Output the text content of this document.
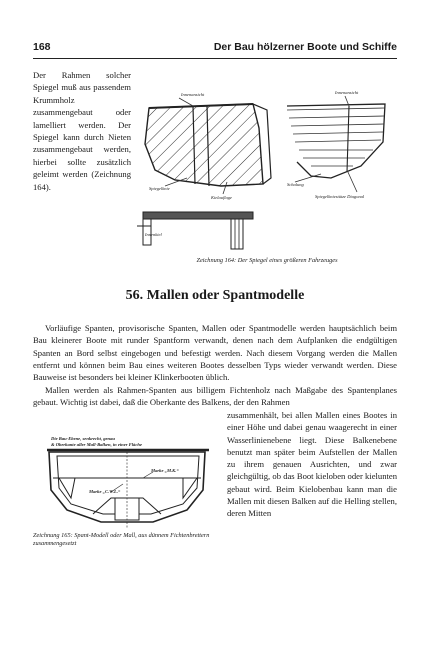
168	Der Bau hölzerner Boote und Schiffe

Der Rahmen solcher Spiegel muß aus passendem Krummholz zusammengebaut oder lamelliert werden. Der Spiegel kann durch Nieten zusammengebaut werden, hierbei sollte zusätzlich geleimt werden (Zeichnung 164).

Innenansicht
Spiegelknie
Kielauflage
Innenansicht
Schalung
Spiegelkniestütze Diagonal
Innenkiel
Zeichnung 164: Der Spiegel eines größeren Fahrzeuges
56. Mallen oder Spantmodelle

Vorläufige Spanten, provisorische Spanten, Mallen oder Spantmodelle werden hauptsächlich beim Bau kleinerer Boote mit runder Spantform verwandt, denen nach dem Aufplanken die endgültigen Spanten an Bord selbst eingebogen und befestigt werden. Nach diesem Vorgang werden die Mallen entfernt und können beim Bau eines weiteren Bootes desselben Typs wieder verwandt werden. Diese Bauweise ist besonders bei kleiner Klinkerbooten üblich.

Mallen werden als Rahmen-Spanten aus billigem Fichtenholz nach Maßgabe des Spantenplanes gebaut. Wichtig ist dabei, daß die Oberkante des Balkens, der den Rahmen

Die Bau-Ebene, senkrecht, genau
& Oberkante aller Mall-Balken, in einer Fläche
Marke „M.K.“
Marke „C.W.L.“
Zeichnung 165: Spant-Modell oder Mall, aus dünnem Fichtenbrettern zusammengesetzt

zusammenhält, bei allen Mallen eines Bootes in einer Höhe und dabei genau waagerecht in einer Wasserlinienebene liegt. Diese Balkenebene benutzt man später beim Aufstellen der Mallen zu ihrem genauen Ausrichten, und zwar gleichgültig, ob das Boot kieloben oder kielunten gebaut wird. Beim Kielobenbau kann man die Mallen mit diesen Balken auf die Helling stellen, deren Mitten
